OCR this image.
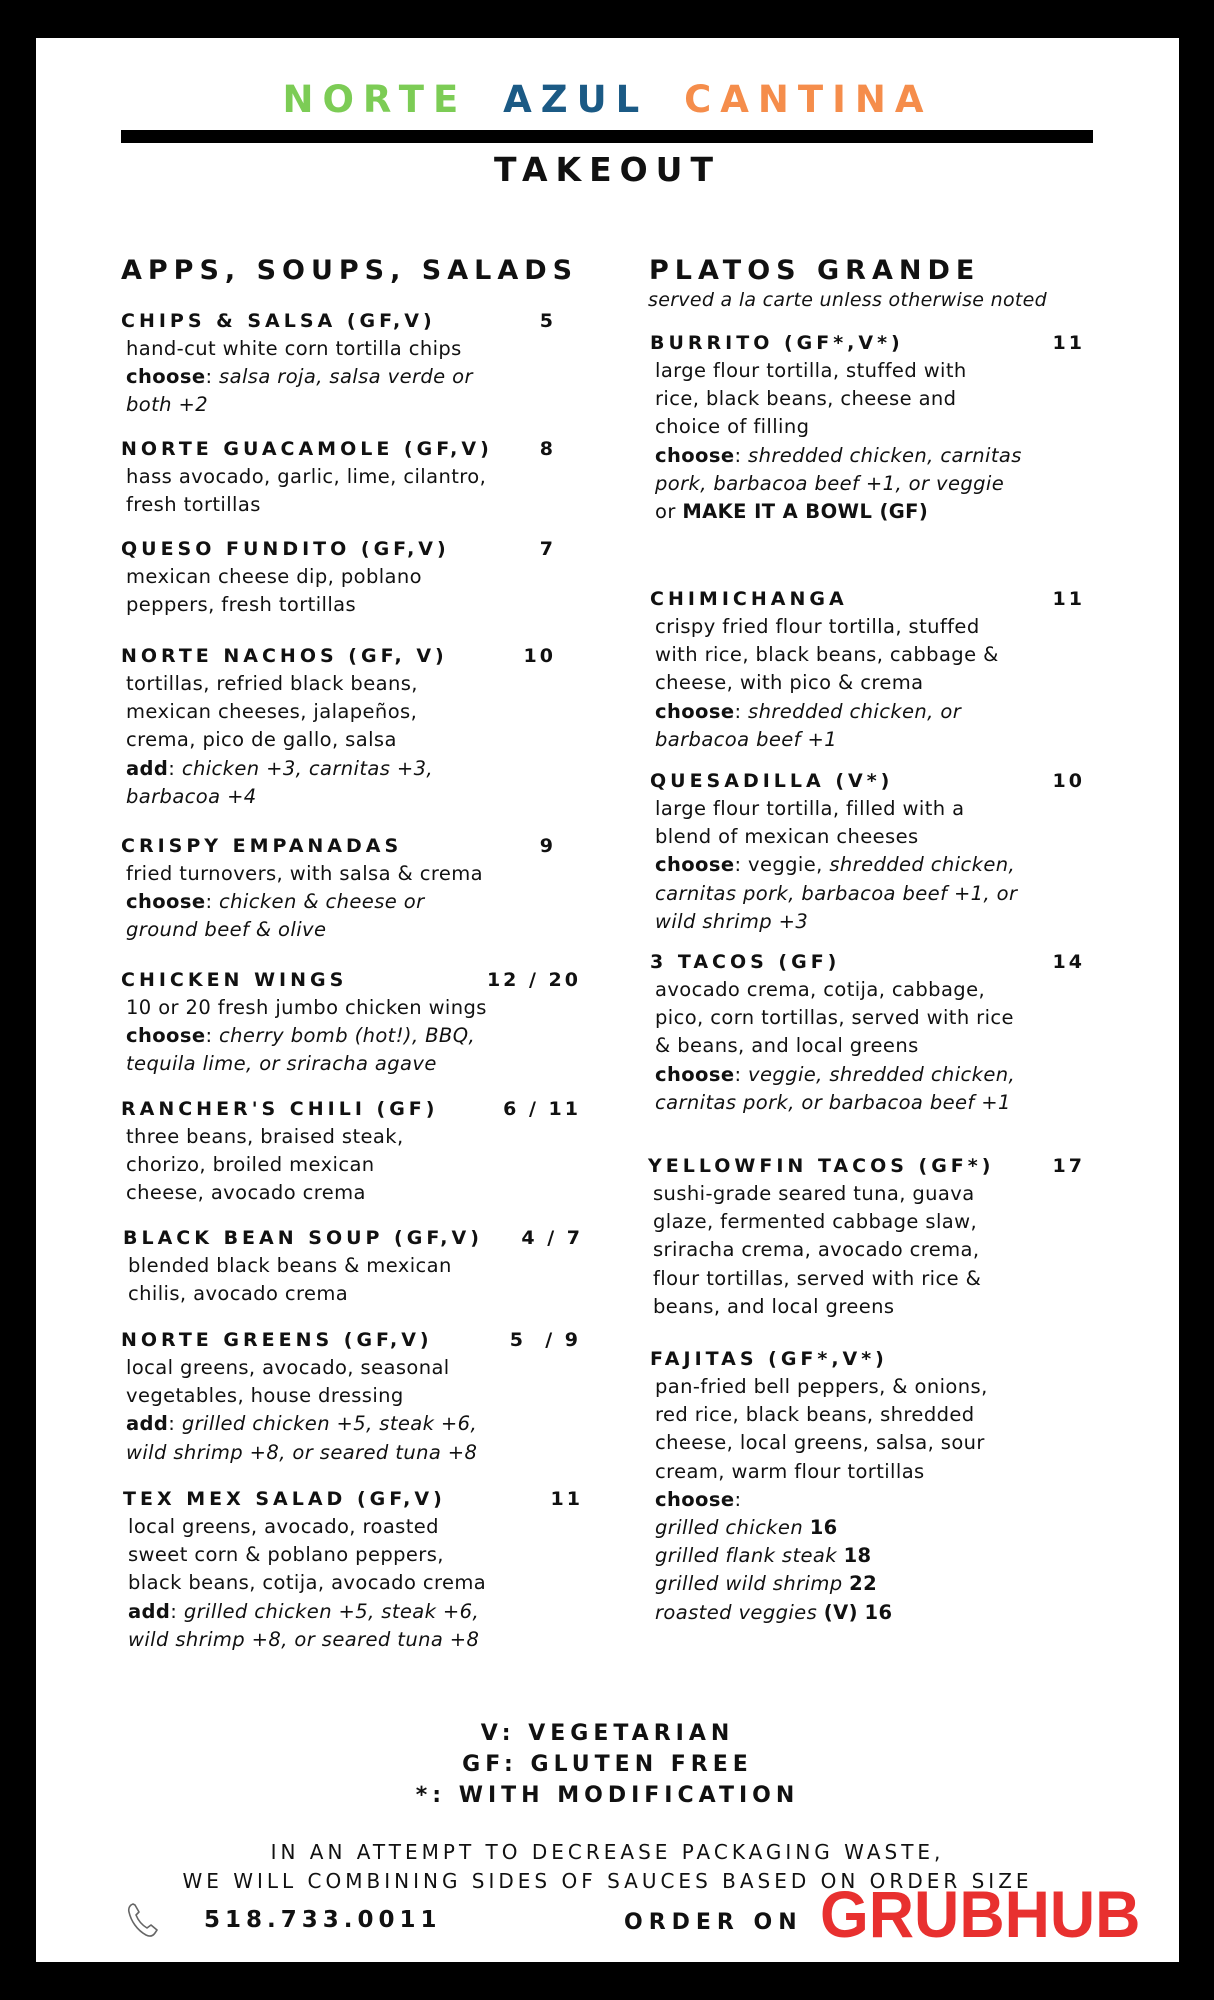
NORTE AZUL CANTINA
TAKEOUT
APPS, SOUPS, SALADS
CHIPS & SALSA (GF,V)	5
hand-cut white corn tortilla chips
choose: salsa roja, salsa verde or
both +2
NORTE GUACAMOLE (GF,V) 8
hass avocado, garlic, lime, cilantro,
fresh tortillas
QUESO FUNDITO (GF,V)	7
mexican cheese dip, poblano
peppers, fresh tortillas
NORTE NACHOS (GF, V)	10
tortillas, refried black beans,
mexican cheeses, jalapeños,
crema, pico de gallo, salsa
add: chicken +3, carnitas +3,
barbacoa +4
CRISPY EMPANADAS	9
fried turnovers, with salsa & crema
choose: chicken & cheese or
ground beef & olive
CHICKEN WINGS	12 / 20
10 or 20 fresh jumbo chicken wings
choose: cherry bomb (hot!), BBQ,
tequila lime, or sriracha agave
RANCHER'S CHILI (GF)	6 / 11
three beans, braised steak,
chorizo, broiled mexican
cheese, avocado crema
BLACK BEAN SOUP (GF,V) 4 / 7
blended black beans & mexican
chilis, avocado crema
NORTE GREENS (GF,V)	5  / 9
local greens, avocado, seasonal
vegetables, house dressing
add: grilled chicken +5, steak +6,
wild shrimp +8, or seared tuna +8
TEX MEX SALAD (GF,V)	11
local greens, avocado, roasted
sweet corn & poblano peppers,
black beans, cotija, avocado crema
add: grilled chicken +5, steak +6,
wild shrimp +8, or seared tuna +8
PLATOS GRANDE
served a la carte unless otherwise noted
BURRITO (GF*,V*)	11
large flour tortilla, stuffed with
rice, black beans, cheese and
choice of filling
choose: shredded chicken, carnitas
pork, barbacoa beef +1, or veggie
or MAKE IT A BOWL (GF)
CHIMICHANGA	11
crispy fried flour tortilla, stuffed
with rice, black beans, cabbage &
cheese, with pico & crema
choose: shredded chicken, or
barbacoa beef +1
QUESADILLA (V*)	10
large flour tortilla, filled with a
blend of mexican cheeses
choose: veggie, shredded chicken,
carnitas pork, barbacoa beef +1, or
wild shrimp +3
3 TACOS (GF)	14
avocado crema, cotija, cabbage,
pico, corn tortillas, served with rice
& beans, and local greens
choose: veggie, shredded chicken,
carnitas pork, or barbacoa beef +1
YELLOWFIN TACOS (GF*)	17
sushi-grade seared tuna, guava
glaze, fermented cabbage slaw,
sriracha crema, avocado crema,
flour tortillas, served with rice &
beans, and local greens
FAJITAS (GF*,V*)
pan-fried bell peppers, & onions,
red rice, black beans, shredded
cheese, local greens, salsa, sour
cream, warm flour tortillas
choose:
grilled chicken 16
grilled flank steak 18
grilled wild shrimp 22
roasted veggies (V) 16
V: VEGETARIAN
GF: GLUTEN FREE
*: WITH MODIFICATION
IN AN ATTEMPT TO DECREASE PACKAGING WASTE,
WE WILL COMBINING SIDES OF SAUCES BASED ON ORDER SIZE
518.733.0011	ORDER ON GRUBHUB
